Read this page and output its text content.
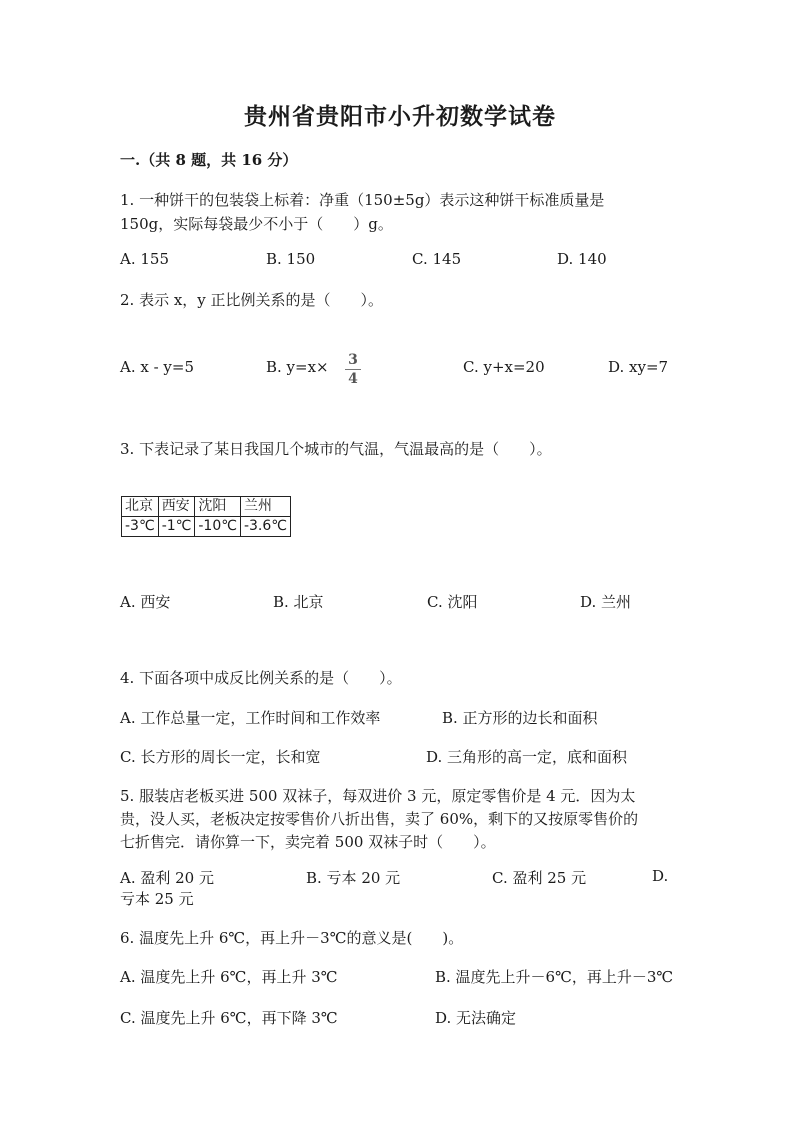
贵州省贵阳市小升初数学试卷
一.（共 8 题，共 16 分）
1. 一种饼干的包装袋上标着：净重（150±5g）表示这种饼干标准质量是
150g，实际每袋最少不小于（　　）g。
A. 155	B. 150	C. 145	D. 140
2. 表示 x，y 正比例关系的是（　　）。
A. x - y=5	B. y=x× 3
4
C. y+x=20	D. xy=7
3. 下表记录了某日我国几个城市的气温，气温最高的是（　　）。
北京	西安	沈阳	兰州
-3℃	-1℃	-10℃	-3.6℃
A. 西安	B. 北京	C. 沈阳	D. 兰州
4. 下面各项中成反比例关系的是（　　）。
A. 工作总量一定，工作时间和工作效率	B. 正方形的边长和面积
C. 长方形的周长一定，长和宽	D. 三角形的高一定，底和面积
5. 服装店老板买进 500 双袜子，每双进价 3 元，原定零售价是 4 元．因为太
贵，没人买，老板决定按零售价八折出售，卖了 60%，剩下的又按原零售价的
七折售完．请你算一下，卖完着 500 双袜子时（　　）。
A. 盈利 20 元	B. 亏本 20 元	C. 盈利 25 元	D.
亏本 25 元
6. 温度先上升 6℃，再上升－3℃的意义是(　　)。
A. 温度先上升 6℃，再上升 3℃	B. 温度先上升－6℃，再上升－3℃
C. 温度先上升 6℃，再下降 3℃	D. 无法确定
